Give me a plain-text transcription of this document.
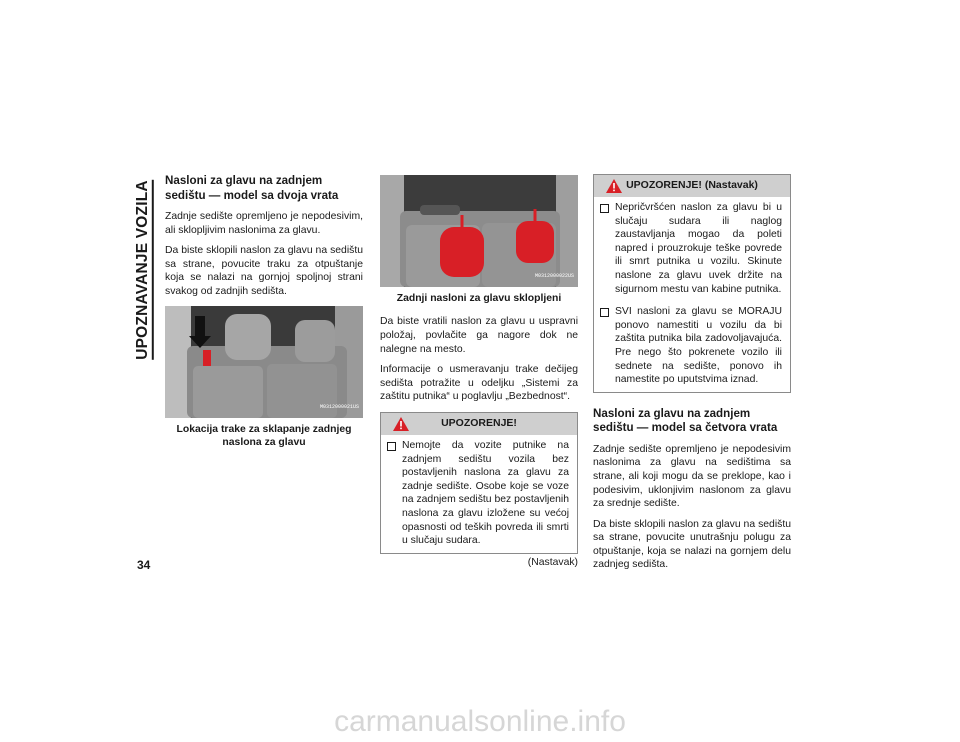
UPOZNAVANJE VOZILA Nasloni za glavu na zadnjem sedištu — model sa dvoja vrata

Zadnje sedište opremljeno je nepodesivim, ali sklopljivim naslonima za glavu.

Da biste sklopili naslon za glavu na sedištu sa strane, povucite traku za otpuštanje koja se nalazi na gornjoj spoljnoj strani svakog od zadnjih sedišta.

M0312000021US
Lokacija trake za sklapanje zadnjeg naslona za glavu
M0312000022US
Zadnji nasloni za glavu sklopljeni

Da biste vratili naslon za glavu u uspravni položaj, povlačite ga nagore dok ne nalegne na mesto.

Informacije o usmeravanju trake dečijeg sedišta potražite u odeljku „Sistemi za zaštitu putnika“ u poglavlju „Bezbednost“.

UPOZORENJE!
Nemojte da vozite putnike na zadnjem sedištu vozila bez postavljenih naslona za glavu za zadnje sedište. Osobe koje se voze na zadnjem sedištu bez postavljenih naslona za glavu izložene su većoj opasnosti od teških povreda ili smrti u slučaju sudara.
(Nastavak)
UPOZORENJE! (Nastavak)
Nepričvršćen naslon za glavu bi u slučaju sudara ili naglog zaustavljanja mogao da poleti napred i prouzrokuje teške povrede ili smrt putnika u vozilu. Skinute naslone za glavu uvek držite na sigurnom mestu van kabine putnika.
SVI nasloni za glavu se MORAJU ponovo namestiti u vozilu da bi zaštita putnika bila zadovoljavajuća. Pre nego što pokrenete vozilo ili sednete na sedište, ponovo ih namestite po uputstvima iznad.
Nasloni za glavu na zadnjem sedištu — model sa četvora vrata

Zadnje sedište opremljeno je nepodesivim naslonima za glavu na sedištima sa strane, ali koji mogu da se preklope, kao i podesivim, uklonjivim naslonom za glavu za srednje sedište.

Da biste sklopili naslon za glavu na sedištu sa strane, povucite unutrašnju polugu za otpuštanje, koja se nalazi na gornjem delu zadnjeg sedišta.

34
carmanualsonline.info
